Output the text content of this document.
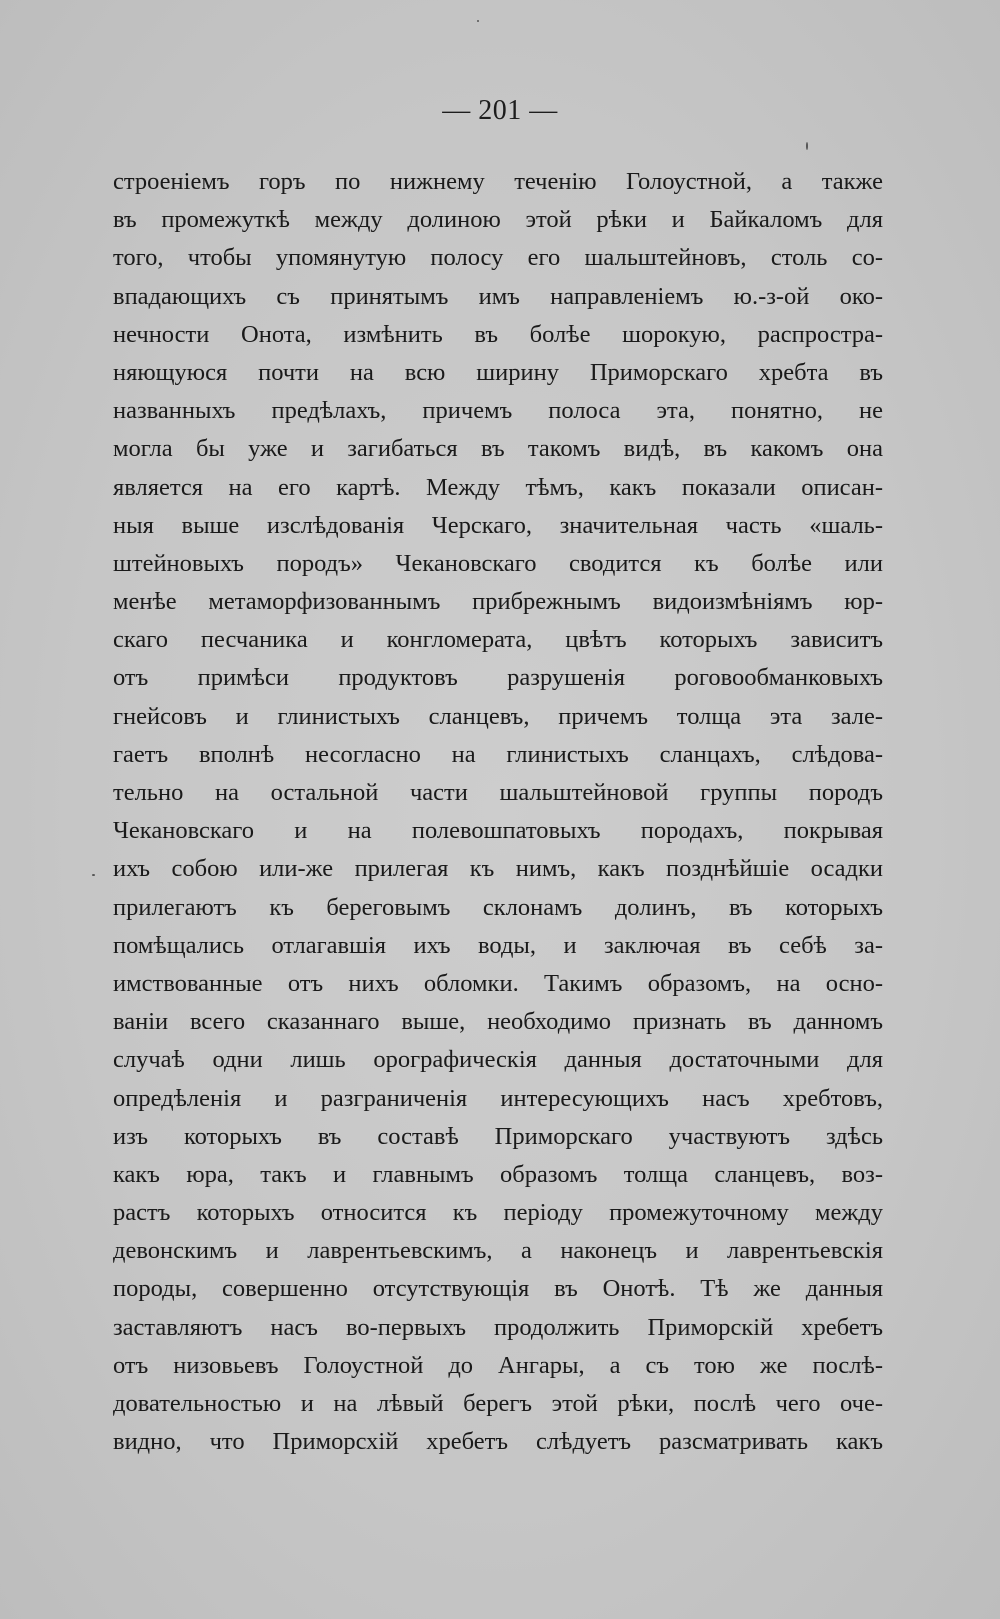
— 201 —
строеніемъ горъ по нижнему теченію Голоустной, а также
въ промежуткѣ между долиною этой рѣки и Байкаломъ для
того, чтобы упомянутую полосу его шальштейновъ, столь со-
впадающихъ съ принятымъ имъ направленіемъ ю.-з-ой око-
нечности Онота, измѣнить въ болѣе шорокую, распростра-
няющуюся почти на всю ширину Приморскаго хребта въ
названныхъ предѣлахъ, причемъ полоса эта, понятно, не
могла бы уже и загибаться въ такомъ видѣ, въ какомъ она
является на его картѣ. Между тѣмъ, какъ показали описан-
ныя выше изслѣдованія Черскаго, значительная часть «шаль-
штейновыхъ породъ» Чекановскаго сводится къ болѣе или
менѣе метаморфизованнымъ прибрежнымъ видоизмѣніямъ юр-
скаго песчаника и конгломерата, цвѣтъ которыхъ зависитъ
отъ примѣси продуктовъ разрушенія роговообманковыхъ
гнейсовъ и глинистыхъ сланцевъ, причемъ толща эта зале-
гаетъ вполнѣ несогласно на глинистыхъ сланцахъ, слѣдова-
тельно на остальной части шальштейновой группы породъ
Чекановскаго и на полевошпатовыхъ породахъ, покрывая
ихъ собою или-же прилегая къ нимъ, какъ позднѣйшіе осадки
прилегаютъ къ береговымъ склонамъ долинъ, въ которыхъ
помѣщались отлагавшія ихъ воды, и заключая въ себѣ за-
имствованные отъ нихъ обломки. Такимъ образомъ, на осно-
ваніи всего сказаннаго выше, необходимо признать въ данномъ
случаѣ одни лишь орографическія данныя достаточными для
опредѣленія и разграниченія интересующихъ насъ хребтовъ,
изъ которыхъ въ составѣ Приморскаго участвуютъ здѣсь
какъ юра, такъ и главнымъ образомъ толща сланцевъ, воз-
растъ которыхъ относится къ періоду промежуточному между
девонскимъ и лаврентьевскимъ, а наконецъ и лаврентьевскія
породы, совершенно отсутствующія въ Онотѣ. Тѣ же данныя
заставляютъ насъ во-первыхъ продолжить Приморскій хребетъ
отъ низовьевъ Голоустной до Ангары, а съ тою же послѣ-
довательностью и на лѣвый берегъ этой рѣки, послѣ чего оче-
видно, что Приморсхій хребетъ слѣдуетъ разсматривать какъ
